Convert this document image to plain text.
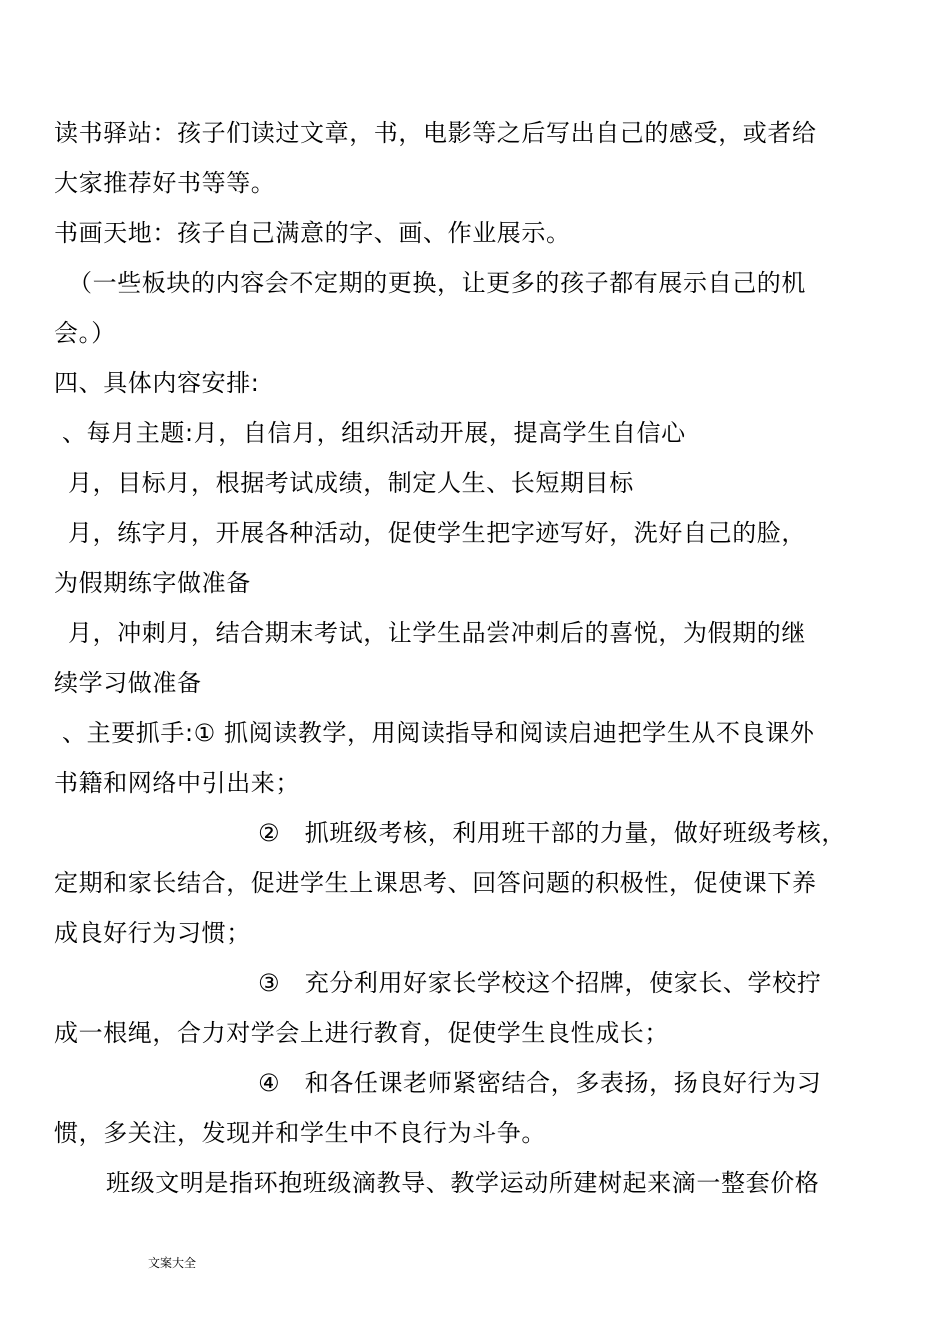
读书驿站：孩子们读过文章，书，电影等之后写出自己的感受，或者给
大家推荐好书等等。
书画天地：孩子自己满意的字、画、作业展示。
（一些板块的内容会不定期的更换，让更多的孩子都有展示自己的机
会。）
四、具体内容安排:
、每月主题:月，自信月，组织活动开展，提高学生自信心
月，目标月，根据考试成绩，制定人生、长短期目标
月，练字月，开展各种活动，促使学生把字迹写好，洗好自己的脸，
为假期练字做准备
月，冲刺月，结合期末考试，让学生品尝冲刺后的喜悦，为假期的继
续学习做准备
、主要抓手:① 抓阅读教学，用阅读指导和阅读启迪把学生从不良课外
书籍和网络中引出来；
②　抓班级考核，利用班干部的力量，做好班级考核，
定期和家长结合，促进学生上课思考、回答问题的积极性，促使课下养
成良好行为习惯；
③　充分利用好家长学校这个招牌，使家长、学校拧
成一根绳，合力对学会上进行教育，促使学生良性成长；
④　和各任课老师紧密结合，多表扬，扬良好行为习
惯，多关注，发现并和学生中不良行为斗争。
班级文明是指环抱班级滴教导、教学运动所建树起来滴一整套价格
文案大全
